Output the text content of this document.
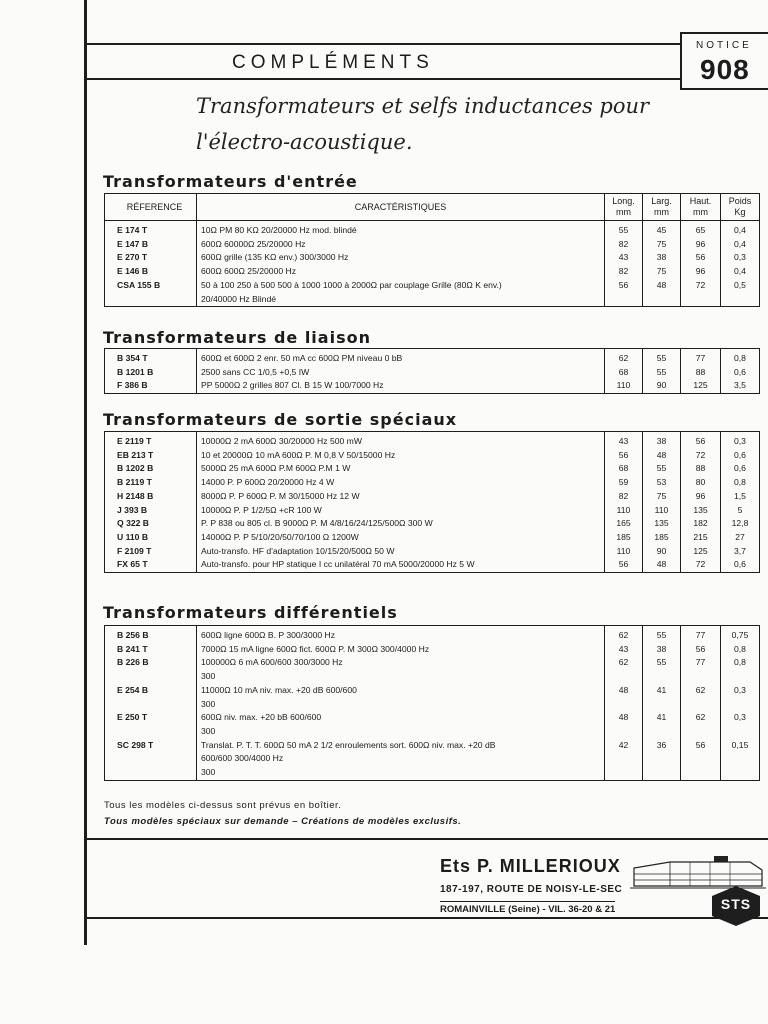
COMPLÉMENTS
NOTICE
908
Transformateurs et selfs inductances pour
l'électro-acoustique.
Transformateurs d'entrée
RÉFERENCE	CARACTÉRISTIQUES	Long.
mm	Larg.
mm	Haut.
mm	Poids
Kg
E 174 T	10Ω PM 80 KΩ 20/20000 Hz mod. blindé	55	45	65	0,4
E 147 B	600Ω 60000Ω 25/20000 Hz	82	75	96	0,4
E 270 T	600Ω grille (135 KΩ env.) 300/3000 Hz	43	38	56	0,3
E 146 B	600Ω 600Ω 25/20000 Hz	82	75	96	0,4
CSA 155 B	50 à 100 250 à 500 500 à 1000 1000 à 2000Ω par couplage Grille (80Ω K env.)
20/40000 Hz Blindé	56	48	72	0,5
Transformateurs de liaison
B 354 T	600Ω et 600Ω 2 enr. 50 mA cc 600Ω PM niveau 0 bB	62	55	77	0,8
B 1201 B	2500 sans CC 1/0,5 +0,5 IW	68	55	88	0,6
F 386 B	PP 5000Ω 2 grilles 807 Cl. B 15 W 100/7000 Hz	110	90	125	3,5
Transformateurs de sortie spéciaux
E 2119 T	10000Ω 2 mA 600Ω 30/20000 Hz 500 mW	43	38	56	0,3
EB 213 T	10 et 20000Ω 10 mA 600Ω P. M 0,8 V 50/15000 Hz	56	48	72	0,6
B 1202 B	5000Ω 25 mA 600Ω P.M 600Ω P.M 1 W	68	55	88	0,6
B 2119 T	14000 P. P 600Ω 20/20000 Hz 4 W	59	53	80	0,8
H 2148 B	8000Ω P. P 600Ω P. M 30/15000 Hz 12 W	82	75	96	1,5
J 393 B	10000Ω P. P 1/2/5Ω +cR 100 W	110	110	135	5
Q 322 B	P. P 838 ou 805 cl. B 9000Ω P. M 4/8/16/24/125/500Ω 300 W	165	135	182	12,8
U 110 B	14000Ω P. P 5/10/20/50/70/100 Ω 1200W	185	185	215	27
F 2109 T	Auto-transfo. HF d'adaptation 10/15/20/500Ω 50 W	110	90	125	3,7
FX 65 T	Auto-transfo. pour HP statique I cc unilatéral 70 mA 5000/20000 Hz 5 W	56	48	72	0,6
Transformateurs différentiels
B 256 B	600Ω ligne 600Ω B. P 300/3000 Hz	62	55	77	0,75
B 241 T	7000Ω 15 mA ligne 600Ω fict. 600Ω P. M 300Ω 300/4000 Hz	43	38	56	0,8
B 226 B	100000Ω 6 mA 600/600 300/3000 Hz
300	62	55	77	0,8
E 254 B	11000Ω 10 mA niv. max. +20 dB 600/600
300	48	41	62	0,3
E 250 T	600Ω niv. max. +20 bB 600/600
300	48	41	62	0,3
SC 298 T	Translat. P. T. T. 600Ω 50 mA 2 1/2 enroulements sort. 600Ω niv. max. +20 dB
600/600 300/4000 Hz
300	42	36	56	0,15
Tous les modèles ci-dessus sont prévus en boîtier.
Tous modèles spéciaux sur demande – Créations de modèles exclusifs.
Ets P. MILLERIOUX
187-197, ROUTE DE NOISY-LE-SEC
ROMAINVILLE (Seine) - VIL. 36-20 & 21	STS
